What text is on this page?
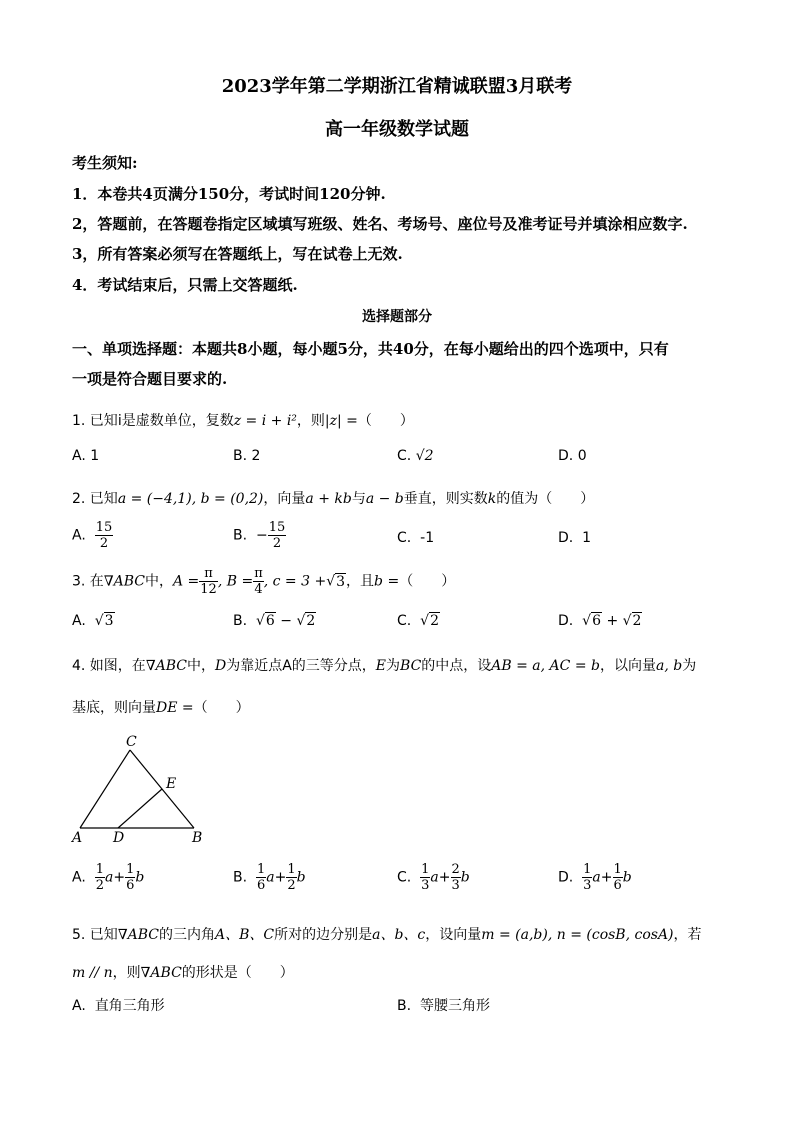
2023学年第二学期浙江省精诚联盟3月联考
高一年级数学试题
考生须知:
1．本卷共4页满分150分，考试时间120分钟.
2，答题前，在答题卷指定区域填写班级、姓名、考场号、座位号及准考证号并填涂相应数字.
3，所有答案必须写在答题纸上，写在试卷上无效.
4．考试结束后，只需上交答题纸.
选择题部分
一、单项选择题：本题共8小题，每小题5分，共40分，在每小题给出的四个选项中，只有
一项是符合题目要求的.
1. 已知i是虚数单位，复数z = i + i²，则|z| =（　　）
A. 1	B. 2	C. √2	D. 0
2. 已知a = (−4,1), b = (0,2)，向量a + kb与a − b垂直，则实数k的值为（　　）
A. $\frac{15}{2}$	B. − $\frac{15}{2}$	C. -1	D. 1
3. 在∇ABC中，$A = \frac{\pi}{12}$ , $B = \frac{\pi}{4}$ , c = 3 +√3，且b =（　　）
A. √3	B. √6 − √2	C. √2	D. √6 + √2
4. 如图，在∇ABC中，D为靠近点A的三等分点，E为BC的中点，设AB = a, AC = b，以向量a, b为
基底，则向量DE =（　　）
C
E
A D	B
A. $\frac{1}{2} a+ \frac{1}{6}$ b	B. $\frac{1}{6} a+ \frac{1}{2}$ b	C. $\frac{1}{3} a+ \frac{2}{3}$ b	D. $\frac{1}{3} a+ \frac{1}{6}$ b
5. 已知∇ABC的三内角A、B、C所对的边分别是a、b、c，设向量m = (a,b), n = (cosB, cosA)，若
m // n，则∇ABC的形状是（　　）
A. 直角三角形	B. 等腰三角形
